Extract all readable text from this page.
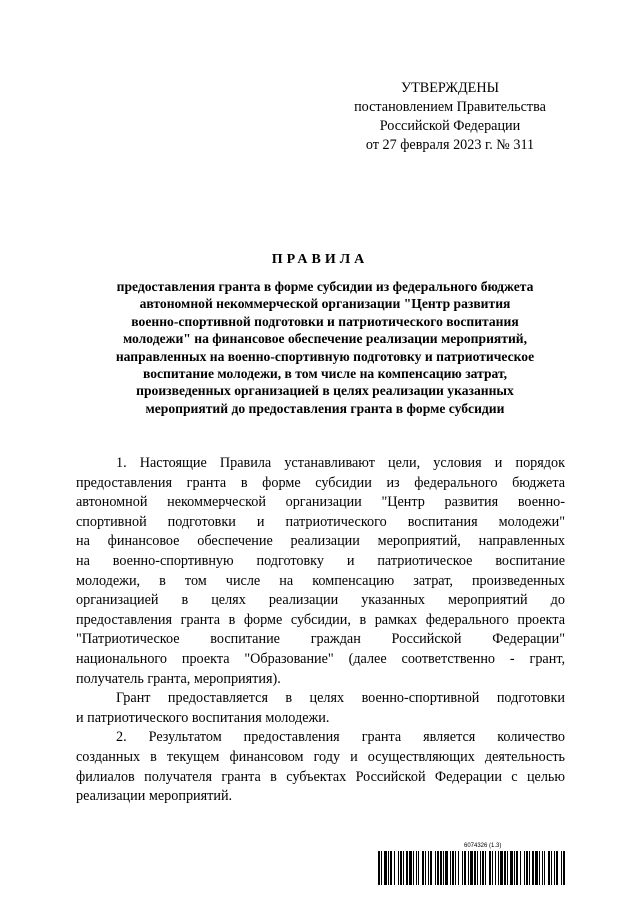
УТВЕРЖДЕНЫ
постановлением Правительства
Российской Федерации
от 27 февраля 2023 г. № 311
ПРАВИЛА
предоставления гранта в форме субсидии из федерального бюджета
автономной некоммерческой организации "Центр развития
военно-спортивной подготовки и патриотического воспитания
молодежи" на финансовое обеспечение реализации мероприятий,
направленных на военно-спортивную подготовку и патриотическое
воспитание молодежи, в том числе на компенсацию затрат,
произведенных организацией в целях реализации указанных
мероприятий до предоставления гранта в форме субсидии
1. Настоящие Правила устанавливают цели, условия и порядок
предоставления гранта в форме субсидии из федерального бюджета
автономной некоммерческой организации "Центр развития военно-
спортивной подготовки и патриотического воспитания молодежи"
на финансовое обеспечение реализации мероприятий, направленных
на военно-спортивную подготовку и патриотическое воспитание
молодежи, в том числе на компенсацию затрат, произведенных
организацией в целях реализации указанных мероприятий до
предоставления гранта в форме субсидии, в рамках федерального проекта
"Патриотическое воспитание граждан Российской Федерации"
национального проекта "Образование" (далее соответственно - грант,
получатель гранта, мероприятия).
Грант предоставляется в целях военно-спортивной подготовки
и патриотического воспитания молодежи.
2. Результатом предоставления гранта является количество
созданных в текущем финансовом году и осуществляющих деятельность
филиалов получателя гранта в субъектах Российской Федерации с целью
реализации мероприятий.
6074326 (1.3)
